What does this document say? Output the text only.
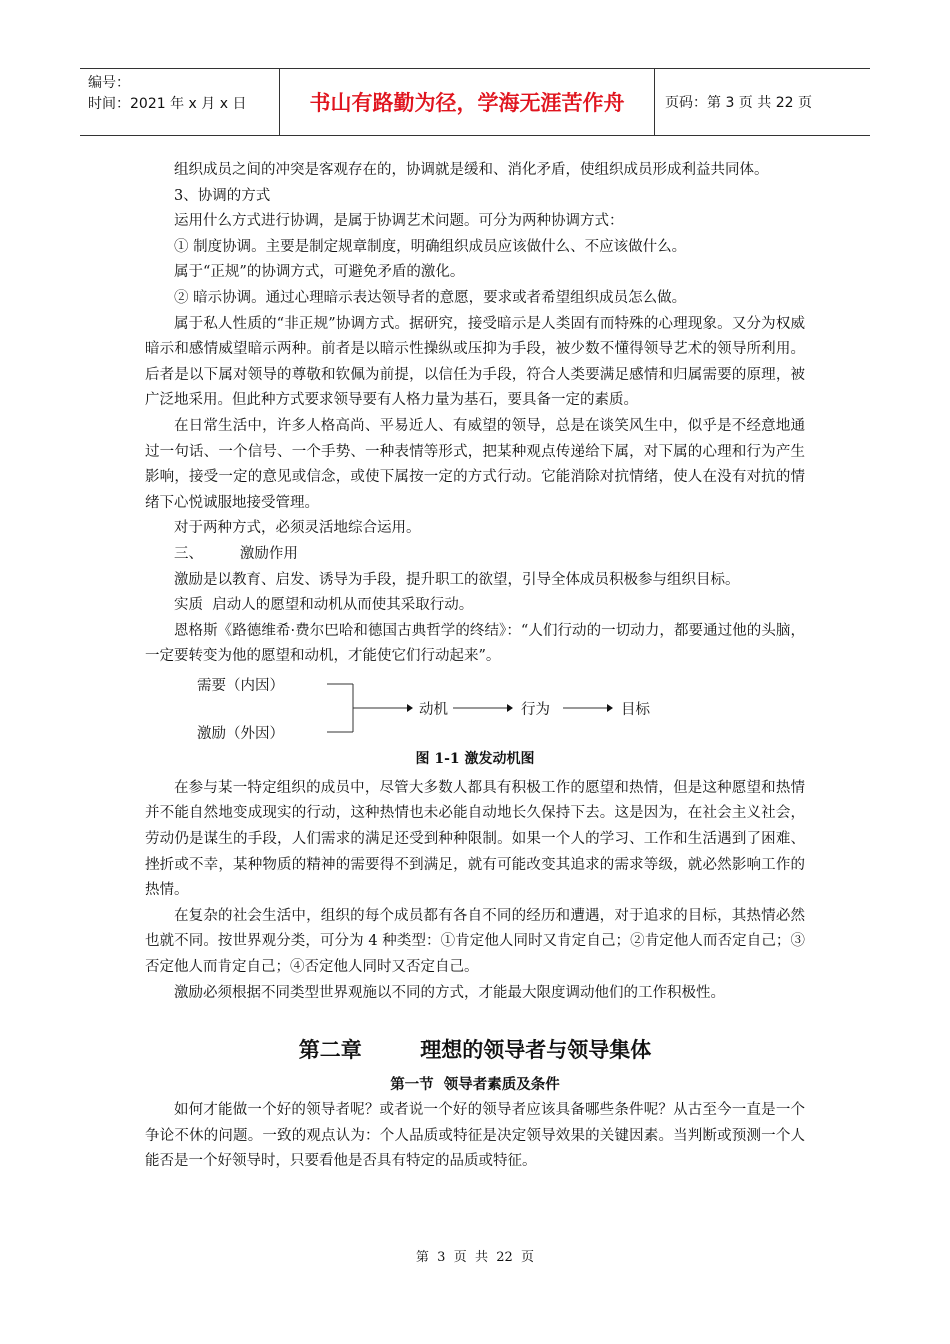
编号：
时间：2021 年 x 月 x 日	书山有路勤为径，学海无涯苦作舟	页码：第 3 页 共 22 页

组织成员之间的冲突是客观存在的，协调就是缓和、消化矛盾，使组织成员形成利益共同体。

3、协调的方式

运用什么方式进行协调，是属于协调艺术问题。可分为两种协调方式：

① 制度协调。主要是制定规章制度，明确组织成员应该做什么、不应该做什么。

属于“正规”的协调方式，可避免矛盾的激化。

② 暗示协调。通过心理暗示表达领导者的意愿，要求或者希望组织成员怎么做。

属于私人性质的“非正规”协调方式。据研究，接受暗示是人类固有而特殊的心理现象。又分为权威暗示和感情威望暗示两种。前者是以暗示性操纵或压抑为手段，被少数不懂得领导艺术的领导所利用。后者是以下属对领导的尊敬和钦佩为前提，以信任为手段，符合人类要满足感情和归属需要的原理，被广泛地采用。但此种方式要求领导要有人格力量为基石，要具备一定的素质。

在日常生活中，许多人格高尚、平易近人、有威望的领导，总是在谈笑风生中，似乎是不经意地通过一句话、一个信号、一个手势、一种表情等形式，把某种观点传递给下属，对下属的心理和行为产生影响，接受一定的意见或信念，或使下属按一定的方式行动。它能消除对抗情绪，使人在没有对抗的情绪下心悦诚服地接受管理。

对于两种方式，必须灵活地综合运用。

三、        激励作用

激励是以教育、启发、诱导为手段，提升职工的欲望，引导全体成员积极参与组织目标。

实质  启动人的愿望和动机从而使其采取行动。

恩格斯《路德维希·费尔巴哈和德国古典哲学的终结》：“人们行动的一切动力，都要通过他的头脑，一定要转变为他的愿望和动机，才能使它们行动起来”。

需要（内因）
激励（外因）
动机	行为	目标
图 1-1 激发动机图

在参与某一特定组织的成员中，尽管大多数人都具有积极工作的愿望和热情，但是这种愿望和热情并不能自然地变成现实的行动，这种热情也未必能自动地长久保持下去。这是因为，在社会主义社会，劳动仍是谋生的手段，人们需求的满足还受到种种限制。如果一个人的学习、工作和生活遇到了困难、挫折或不幸，某种物质的精神的需要得不到满足，就有可能改变其追求的需求等级，就必然影响工作的热情。

在复杂的社会生活中，组织的每个成员都有各自不同的经历和遭遇，对于追求的目标，其热情必然也就不同。按世界观分类，可分为 4 种类型：①肯定他人同时又肯定自己；②肯定他人而否定自己；③否定他人而肯定自己；④否定他人同时又否定自己。

激励必须根据不同类型世界观施以不同的方式，才能最大限度调动他们的工作积极性。

第二章        理想的领导者与领导集体
第一节  领导者素质及条件

如何才能做一个好的领导者呢？或者说一个好的领导者应该具备哪些条件呢？从古至今一直是一个争论不休的问题。一致的观点认为：个人品质或特征是决定领导效果的关键因素。当判断或预测一个人能否是一个好领导时，只要看他是否具有特定的品质或特征。

第  3  页  共  22  页
